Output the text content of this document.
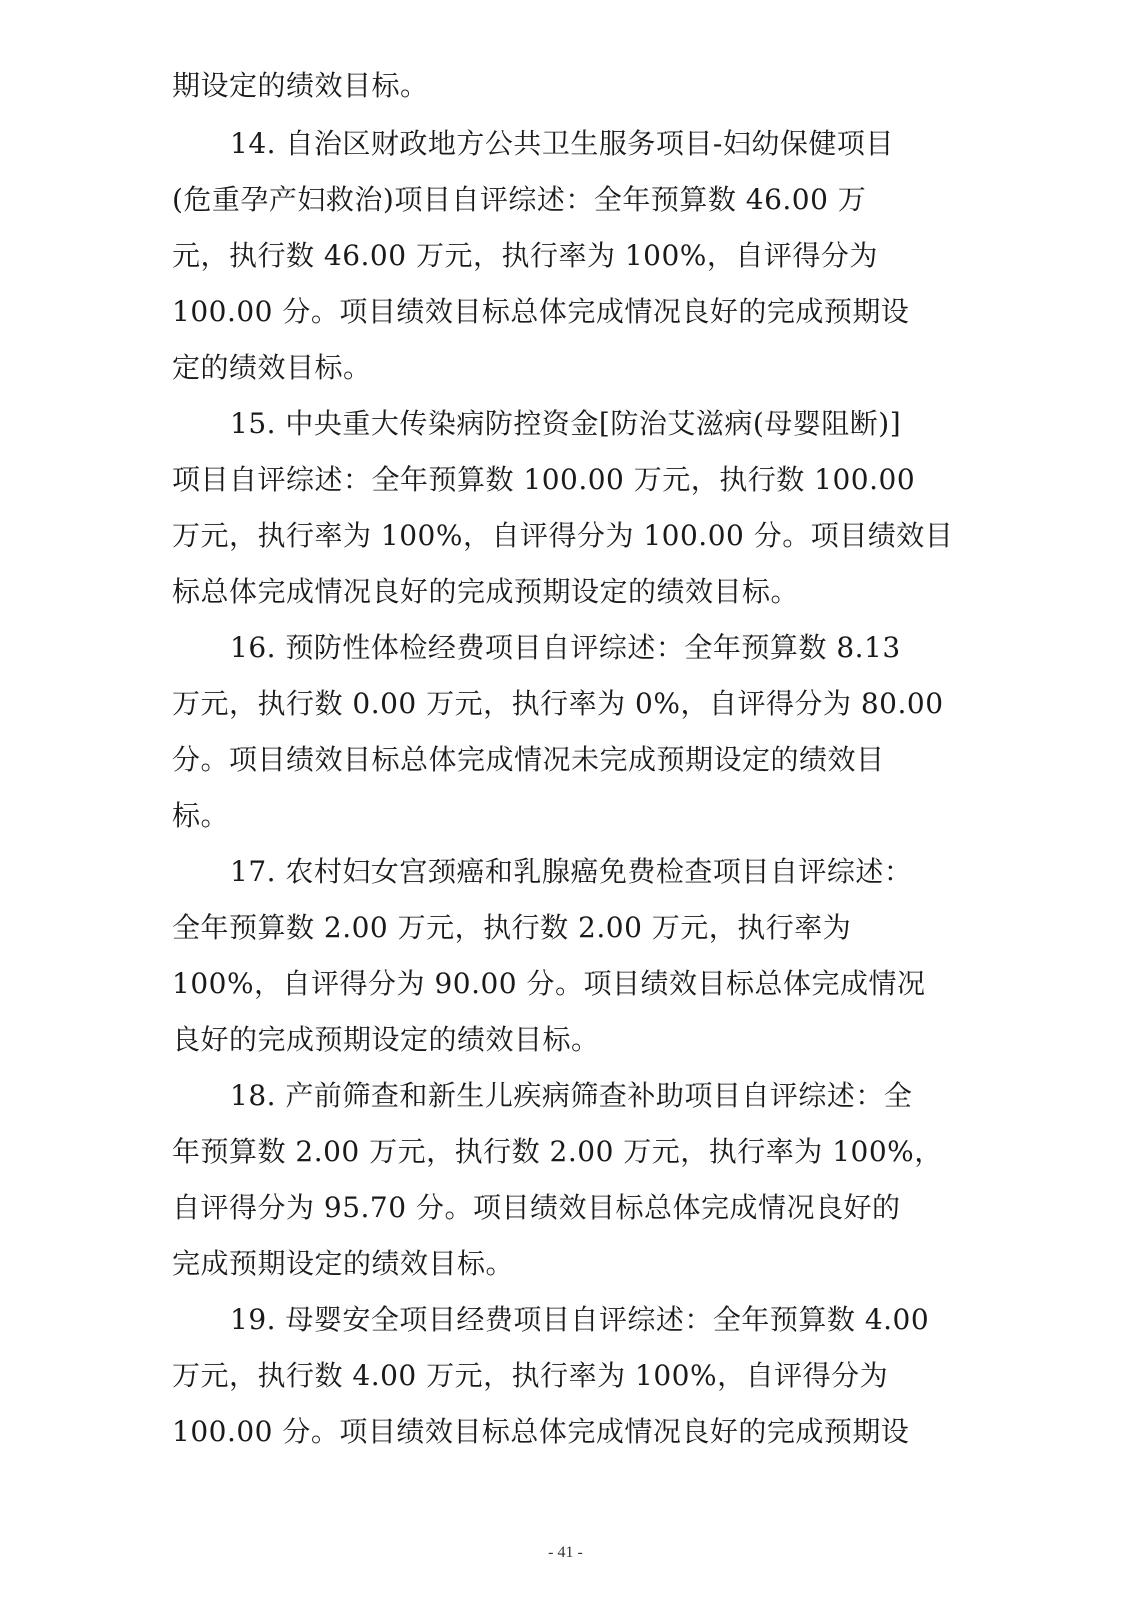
期设定的绩效目标。
14. 自治区财政地方公共卫生服务项目-妇幼保健项目
(危重孕产妇救治)项目自评综述：全年预算数 46.00 万
元，执行数 46.00 万元，执行率为 100%，自评得分为
100.00 分。项目绩效目标总体完成情况良好的完成预期设
定的绩效目标。
15. 中央重大传染病防控资金[防治艾滋病(母婴阻断)]
项目自评综述：全年预算数 100.00 万元，执行数 100.00
万元，执行率为 100%，自评得分为 100.00 分。项目绩效目
标总体完成情况良好的完成预期设定的绩效目标。
16. 预防性体检经费项目自评综述：全年预算数 8.13
万元，执行数 0.00 万元，执行率为 0%，自评得分为 80.00
分。项目绩效目标总体完成情况未完成预期设定的绩效目
标。
17. 农村妇女宫颈癌和乳腺癌免费检查项目自评综述：
全年预算数 2.00 万元，执行数 2.00 万元，执行率为
100%，自评得分为 90.00 分。项目绩效目标总体完成情况
良好的完成预期设定的绩效目标。
18. 产前筛查和新生儿疾病筛查补助项目自评综述：全
年预算数 2.00 万元，执行数 2.00 万元，执行率为 100%，
自评得分为 95.70 分。项目绩效目标总体完成情况良好的
完成预期设定的绩效目标。
19. 母婴安全项目经费项目自评综述：全年预算数 4.00
万元，执行数 4.00 万元，执行率为 100%，自评得分为
100.00 分。项目绩效目标总体完成情况良好的完成预期设
- 41 -
